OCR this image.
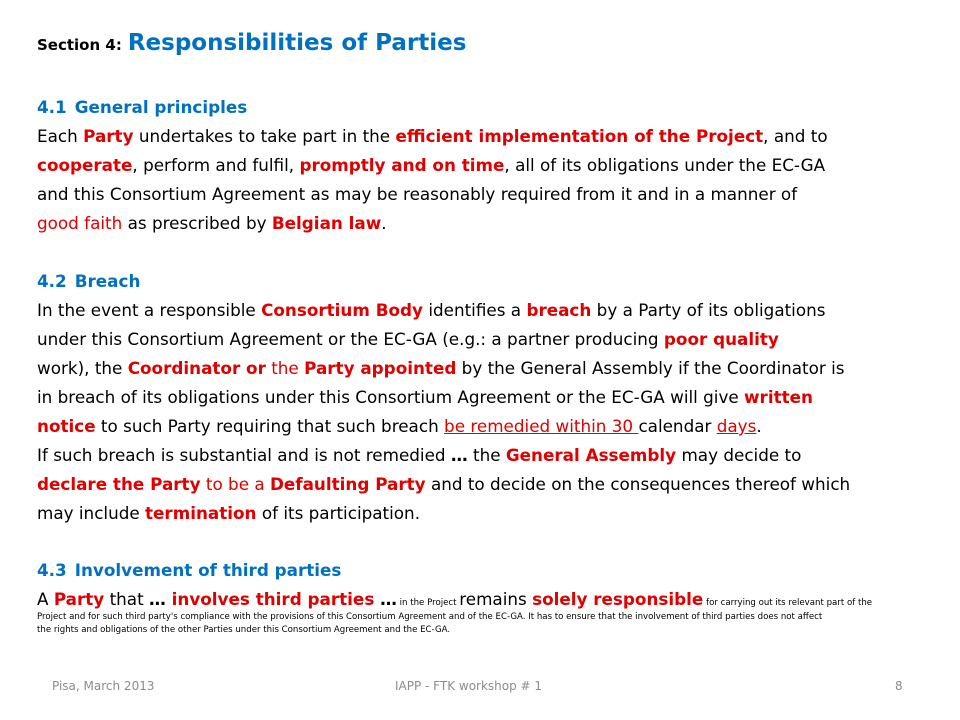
Section 4: Responsibilities of Parties
4.1 General principles
Each Party undertakes to take part in the efficient implementation of the Project, and to
cooperate, perform and fulfil, promptly and on time, all of its obligations under the EC-GA
and this Consortium Agreement as may be reasonably required from it and in a manner of
good faith as prescribed by Belgian law.
4.2 Breach
In the event a responsible Consortium Body identifies a breach by a Party of its obligations
under this Consortium Agreement or the EC-GA (e.g.: a partner producing poor quality
work), the Coordinator or the Party appointed by the General Assembly if the Coordinator is
in breach of its obligations under this Consortium Agreement or the EC-GA will give written
notice to such Party requiring that such breach be remedied within 30 calendar days.
If such breach is substantial and is not remedied … the General Assembly may decide to
declare the Party to be a Defaulting Party and to decide on the consequences thereof which
may include termination of its participation.
4.3 Involvement of third parties
A Party that … involves third parties … in the Project remains solely responsible for carrying out its relevant part of the
Project and for such third party's compliance with the provisions of this Consortium Agreement and of the EC-GA. It has to ensure that the involvement of third parties does not affect
the rights and obligations of the other Parties under this Consortium Agreement and the EC-GA.
Pisa, March 2013	IAPP - FTK workshop # 1	8
